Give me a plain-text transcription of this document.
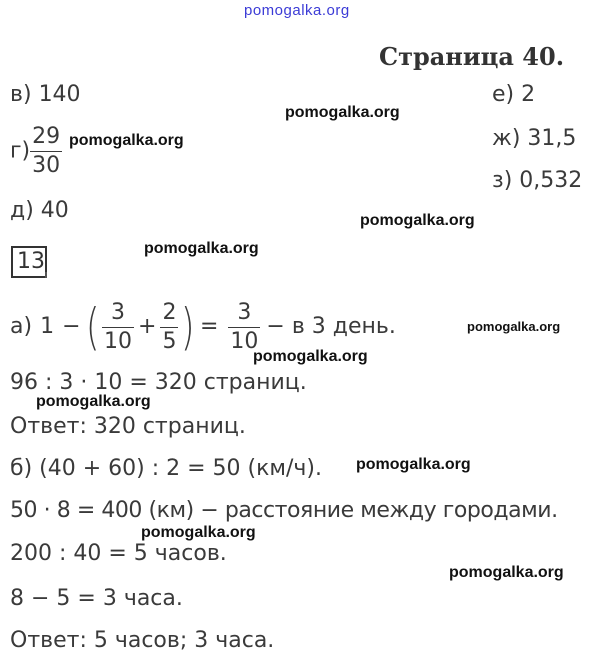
pomogalka.org
Страница 40.
в) 140
$г) \frac{29}{30}$
д) 40
е) 2
ж) 31,5
з) 0,532
13
а) 1 − ( $\frac{3}{10} + \frac{2}{5}$ ) = $\frac{3}{10} - в$ 3 день.
96 : 3 · 10 = 320 страниц.
Ответ: 320 страниц.
б) (40 + 60) : 2 = 50 (км/ч).
50 · 8 = 400 (км) − расстояние между городами.
200 : 40 = 5 часов.
8 − 5 = 3 часа.
Ответ: 5 часов; 3 часа.
pomogalka.org
pomogalka.org
pomogalka.org
pomogalka.org
pomogalka.org
pomogalka.org
pomogalka.org
pomogalka.org
pomogalka.org
pomogalka.org
